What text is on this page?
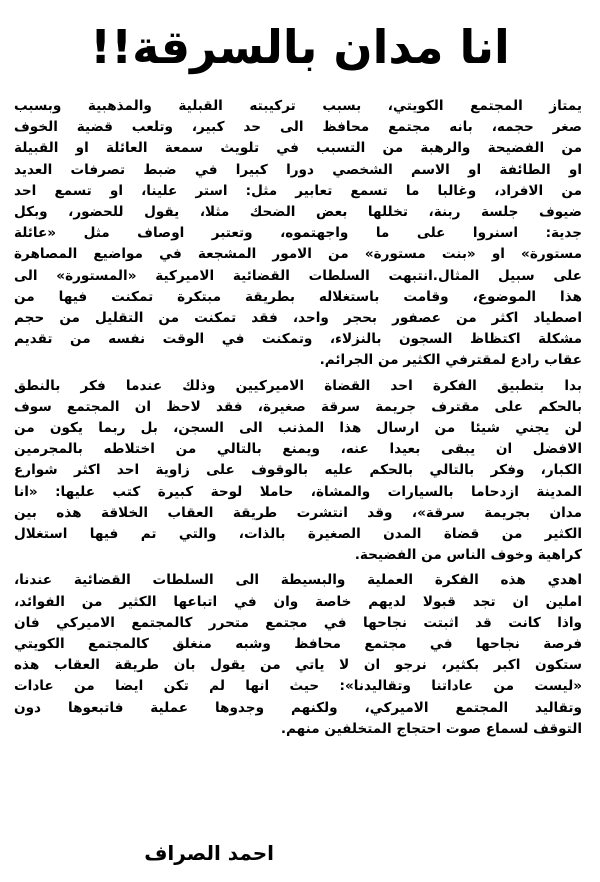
انا مدان بالسرقة!!
يمتاز المجتمع الكويتي، بسبب تركيبته القبلية والمذهبية وبسبب
صغر حجمه، بانه مجتمع محافظ الى حد كبير، وتلعب قضية الخوف
من الفضيحة والرهبة من التسبب في تلويث سمعة العائلة او القبيلة
او الطائفة او الاسم الشخصي دورا كبيرا في ضبط تصرفات العديد
من الافراد، وغالبا ما تسمع تعابير مثل: استر علينا، او تسمع احد
ضيوف جلسة ربنة، تخللها بعض الضحك مثلا، يقول للحضور، وبكل
جدية: اسنروا على ما واجهتموه، وتعتبر اوصاف مثل «عائلة
مستورة» او «بنت مستورة» من الامور المشجعة في مواضيع المصاهرة
على سبيل المثال.انتبهت السلطات القضائية الاميركية «المستورة» الى
هذا الموضوع، وقامت باستغلاله بطريقة مبتكرة تمكنت فيها من
اصطياد اكثر من عصفور بحجر واحد، فقد تمكنت من التقليل من حجم
مشكلة اكتظاظ السجون بالنزلاء، وتمكنت في الوقت نفسه من تقديم
عقاب رادع لمقترفي الكثير من الجرائم.
بدا بتطبيق الفكرة احد القضاة الاميركيين وذلك عندما فكر بالنطق
بالحكم على مقترف جريمة سرقة صغيرة، فقد لاحظ ان المجتمع سوف
لن يجني شيئا من ارسال هذا المذنب الى السجن، بل ربما يكون من
الافضل ان يبقى بعيدا عنه، ويمنع بالتالي من اختلاطه بالمجرمين
الكبار، وفكر بالتالي بالحكم عليه بالوقوف على زاوية احد اكثر شوارع
المدينة ازدحاما بالسيارات والمشاة، حاملا لوحة كبيرة كتب عليها: «انا
مدان بجريمة سرقة»، وقد انتشرت طريقة العقاب الخلاقة هذه بين
الكثير من قضاة المدن الصغيرة بالذات، والتي تم فيها استغلال
كراهية وخوف الناس من الفضيحة.
اهدي هذه الفكرة العملية والبسيطة الى السلطات القضائية عندنا،
املين ان تجد قبولا لديهم خاصة وان في اتباعها الكثير من الفوائد،
واذا كانت قد اثبتت نجاحها في مجتمع متحرر كالمجتمع الاميركي فان
فرصة نجاحها في مجتمع محافظ وشبه منغلق كالمجتمع الكويتي
ستكون اكبر بكثير، نرجو ان لا ياتي من يقول بان طريقة العقاب هذه
«ليست من عاداتنا وتقاليدنا»: حيث انها لم تكن ايضا من عادات
وتقاليد المجتمع الاميركي، ولكنهم وجدوها عملية فاتبعوها دون
التوقف لسماع صوت احتجاج المتخلفين منهم.

احمد الصراف
